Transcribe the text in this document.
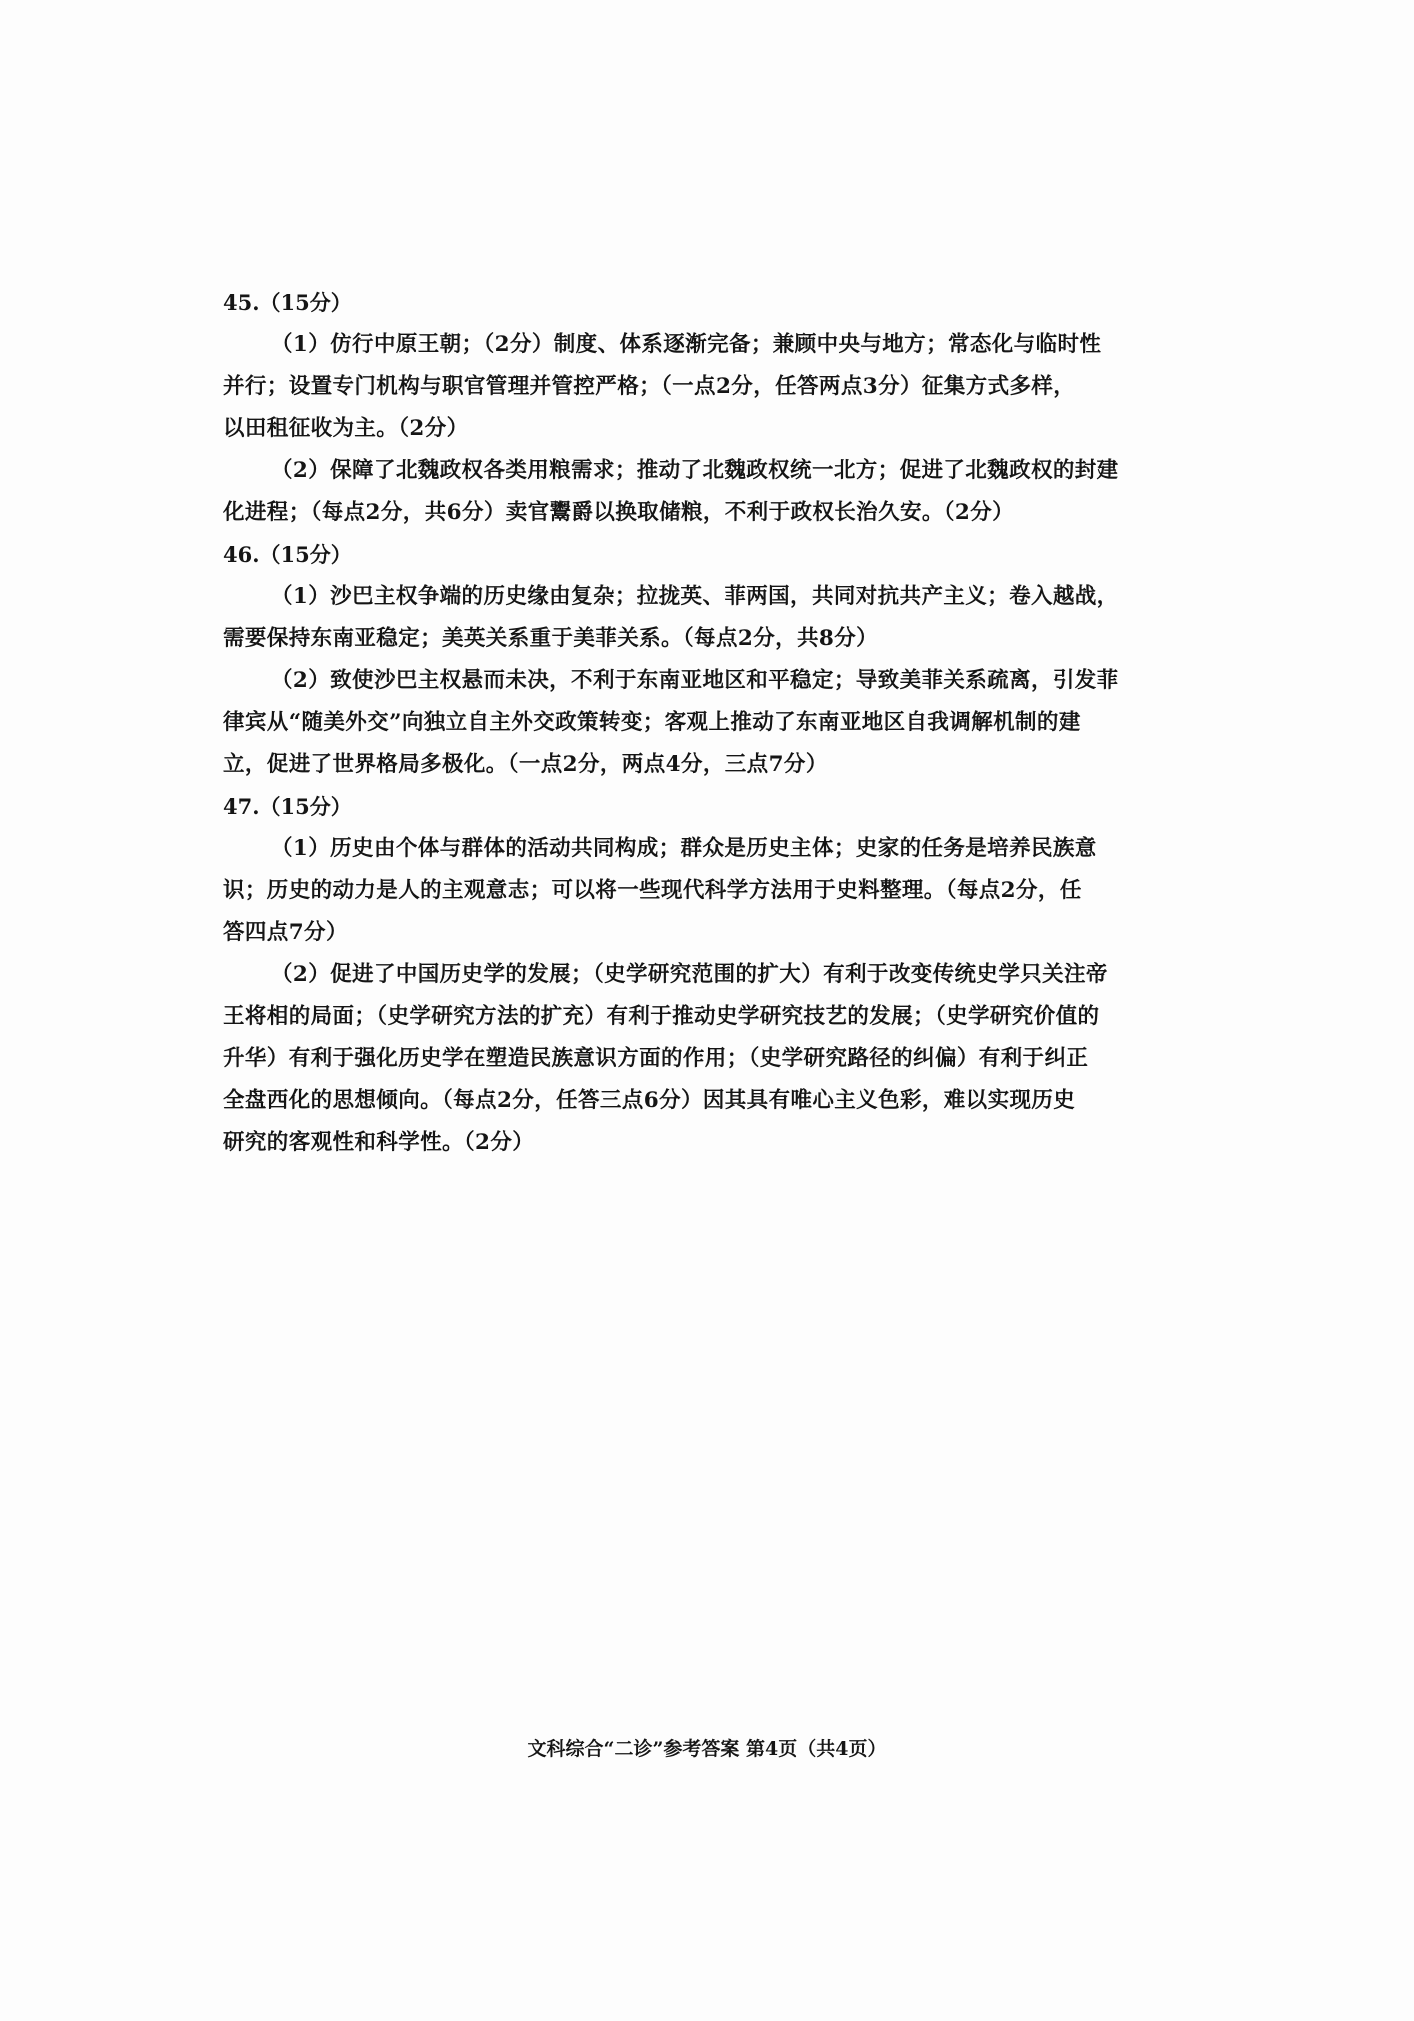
45.（15分）
（1）仿行中原王朝；（2分）制度、体系逐渐完备；兼顾中央与地方；常态化与临时性
并行；设置专门机构与职官管理并管控严格；（一点2分，任答两点3分）征集方式多样，
以田租征收为主。（2分）
（2）保障了北魏政权各类用粮需求；推动了北魏政权统一北方；促进了北魏政权的封建
化进程；（每点2分，共6分）卖官鬻爵以换取储粮，不利于政权长治久安。（2分）
46.（15分）
（1）沙巴主权争端的历史缘由复杂；拉拢英、菲两国，共同对抗共产主义；卷入越战，
需要保持东南亚稳定；美英关系重于美菲关系。（每点2分，共8分）
（2）致使沙巴主权悬而未决，不利于东南亚地区和平稳定；导致美菲关系疏离，引发菲
律宾从“随美外交”向独立自主外交政策转变；客观上推动了东南亚地区自我调解机制的建
立，促进了世界格局多极化。（一点2分，两点4分，三点7分）
47.（15分）
（1）历史由个体与群体的活动共同构成；群众是历史主体；史家的任务是培养民族意
识；历史的动力是人的主观意志；可以将一些现代科学方法用于史料整理。（每点2分，任
答四点7分）
（2）促进了中国历史学的发展；（史学研究范围的扩大）有利于改变传统史学只关注帝
王将相的局面；（史学研究方法的扩充）有利于推动史学研究技艺的发展；（史学研究价值的
升华）有利于强化历史学在塑造民族意识方面的作用；（史学研究路径的纠偏）有利于纠正
全盘西化的思想倾向。（每点2分，任答三点6分）因其具有唯心主义色彩，难以实现历史
研究的客观性和科学性。（2分）
文科综合“二诊”参考答案 第4页（共4页）
